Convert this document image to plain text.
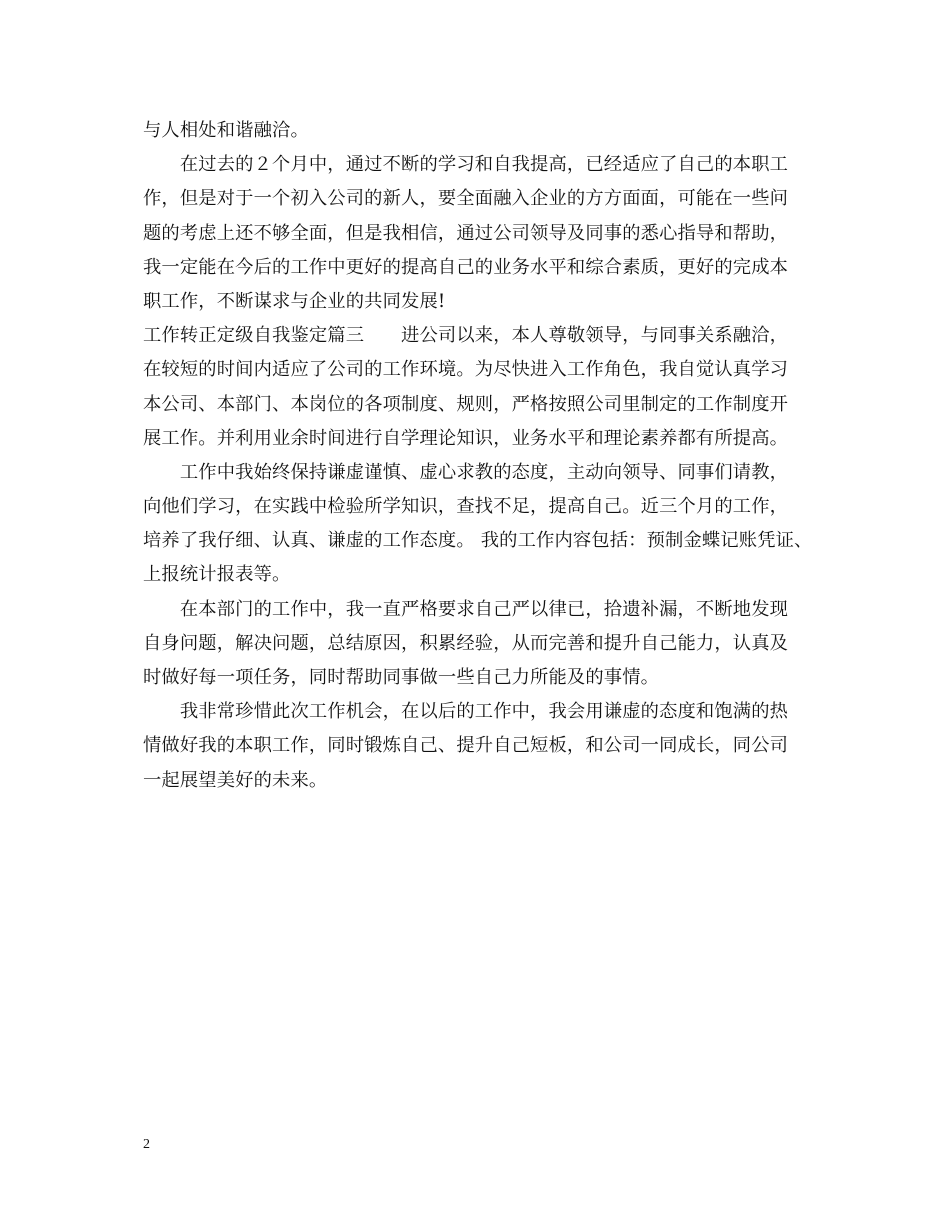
与人相处和谐融洽。
　　在过去的２个月中，通过不断的学习和自我提高，已经适应了自己的本职工
作，但是对于一个初入公司的新人，要全面融入企业的方方面面，可能在一些问
题的考虑上还不够全面，但是我相信，通过公司领导及同事的悉心指导和帮助，
我一定能在今后的工作中更好的提高自己的业务水平和综合素质，更好的完成本
职工作，不断谋求与企业的共同发展!
工作转正定级自我鉴定篇三　　进公司以来，本人尊敬领导，与同事关系融洽，
在较短的时间内适应了公司的工作环境。为尽快进入工作角色，我自觉认真学习
本公司、本部门、本岗位的各项制度、规则，严格按照公司里制定的工作制度开
展工作。并利用业余时间进行自学理论知识，业务水平和理论素养都有所提高。
　　工作中我始终保持谦虚谨慎、虚心求教的态度，主动向领导、同事们请教，
向他们学习，在实践中检验所学知识，查找不足，提高自己。近三个月的工作，
培养了我仔细、认真、谦虚的工作态度。 我的工作内容包括：预制金蝶记账凭证、
上报统计报表等。
　　在本部门的工作中，我一直严格要求自己严以律已，拾遗补漏，不断地发现
自身问题，解决问题，总结原因，积累经验，从而完善和提升自己能力，认真及
时做好每一项任务，同时帮助同事做一些自己力所能及的事情。
　　我非常珍惜此次工作机会，在以后的工作中，我会用谦虚的态度和饱满的热
情做好我的本职工作，同时锻炼自己、提升自己短板，和公司一同成长，同公司
一起展望美好的未来。
2
